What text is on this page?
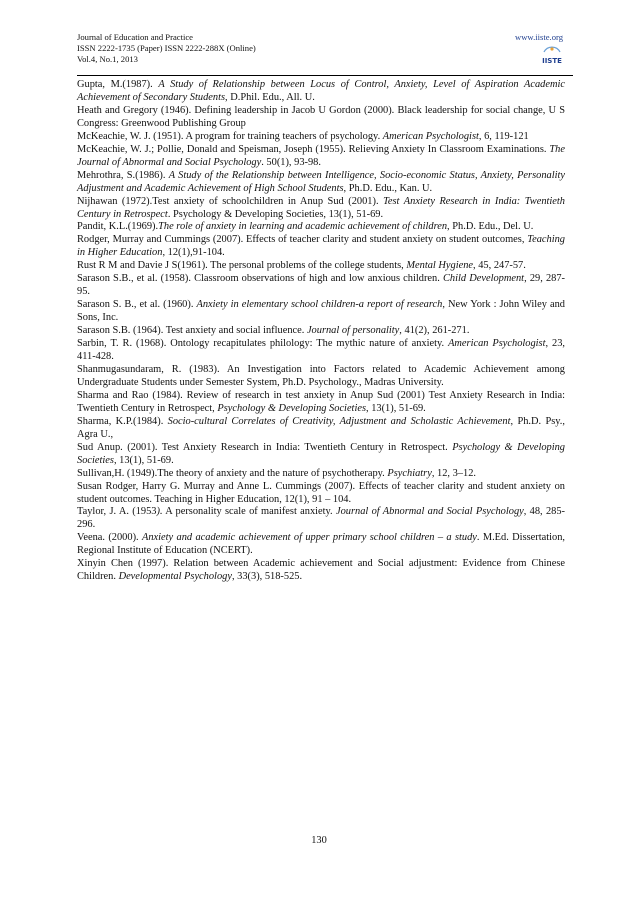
Journal of Education and Practice
ISSN 2222-1735 (Paper) ISSN 2222-288X (Online)
Vol.4, No.1, 2013
www.iiste.org
IISTE

Gupta, M.(1987). A Study of Relationship between Locus of Control, Anxiety, Level of Aspiration Academic Achievement of Secondary Students, D.Phil. Edu., All. U.

Heath and Gregory (1946). Defining leadership in Jacob U Gordon (2000). Black leadership for social change, U S Congress: Greenwood Publishing Group

McKeachie, W. J. (1951). A program for training teachers of psychology. American Psychologist, 6, 119-121

McKeachie, W. J.; Pollie, Donald and Speisman, Joseph (1955). Relieving Anxiety In Classroom Examinations. The Journal of Abnormal and Social Psychology. 50(1), 93-98.

Mehrothra, S.(1986). A Study of the Relationship between Intelligence, Socio-economic Status, Anxiety, Personality Adjustment and Academic Achievement of High School Students, Ph.D. Edu., Kan. U.

Nijhawan (1972).Test anxiety of schoolchildren in Anup Sud (2001). Test Anxiety Research in India: Twentieth Century in Retrospect. Psychology & Developing Societies, 13(1), 51-69.

Pandit, K.L.(1969).The role of anxiety in learning and academic achievement of children, Ph.D. Edu., Del. U.

Rodger, Murray and Cummings (2007). Effects of teacher clarity and student anxiety on student outcomes, Teaching in Higher Education, 12(1),91-104.

Rust R M and Davie J S(1961). The personal problems of the college students, Mental Hygiene, 45, 247-57.

Sarason S.B., et al. (1958). Classroom observations of high and low anxious children. Child Development, 29, 287-95.

Sarason S. B., et al. (1960). Anxiety in elementary school children-a report of research, New York : John Wiley and Sons, Inc.

Sarason S.B. (1964). Test anxiety and social influence. Journal of personality, 41(2), 261-271.

Sarbin, T. R. (1968). Ontology recapitulates philology: The mythic nature of anxiety. American Psychologist, 23, 411-428.

Shanmugasundaram, R. (1983). An Investigation into Factors related to Academic Achievement among Undergraduate Students under Semester System, Ph.D. Psychology., Madras University.

Sharma and Rao (1984). Review of research in test anxiety in Anup Sud (2001) Test Anxiety Research in India: Twentieth Century in Retrospect, Psychology & Developing Societies, 13(1), 51-69.

Sharma, K.P.(1984). Socio-cultural Correlates of Creativity, Adjustment and Scholastic Achievement, Ph.D. Psy., Agra U.,

Sud Anup. (2001). Test Anxiety Research in India: Twentieth Century in Retrospect. Psychology & Developing Societies, 13(1), 51-69.

Sullivan,H. (1949).The theory of anxiety and the nature of psychotherapy. Psychiatry, 12, 3–12.

Susan Rodger, Harry G. Murray and Anne L. Cummings (2007). Effects of teacher clarity and student anxiety on student outcomes. Teaching in Higher Education, 12(1), 91 – 104.

Taylor, J. A. (1953). A personality scale of manifest anxiety. Journal of Abnormal and Social Psychology, 48, 285-296.

Veena. (2000). Anxiety and academic achievement of upper primary school children – a study. M.Ed. Dissertation, Regional Institute of Education (NCERT).

Xinyin Chen (1997). Relation between Academic achievement and Social adjustment: Evidence from Chinese Children. Developmental Psychology, 33(3), 518-525.

130
